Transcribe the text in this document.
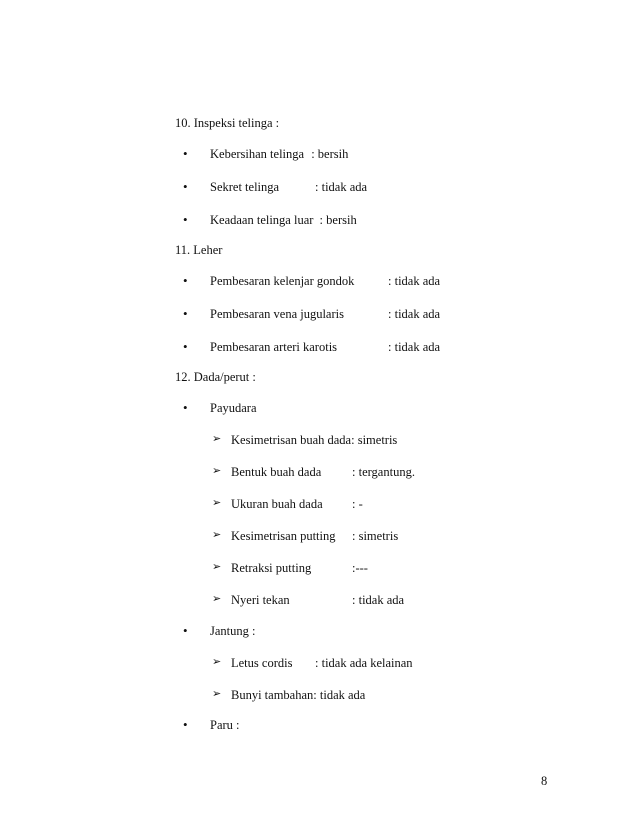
10. Inspeksi telinga :
• Kebersihan telinga : bersih
• Sekret telinga	: tidak ada
• Keadaan telinga luar : bersih
11. Leher
• Pembesaran kelenjar gondok	: tidak ada
• Pembesaran vena jugularis	: tidak ada
• Pembesaran arteri karotis	: tidak ada
12. Dada/perut :
• Payudara
➢ Kesimetrisan buah dada: simetris
➢ Bentuk buah dada : tergantung.
➢ Ukuran buah dada : -
➢ Kesimetrisan putting : simetris
➢ Retraksi putting	:---
➢ Nyeri tekan	: tidak ada
• Jantung :
➢ Letus cordis : tidak ada kelainan
➢ Bunyi tambahan: tidak ada
• Paru :
8
